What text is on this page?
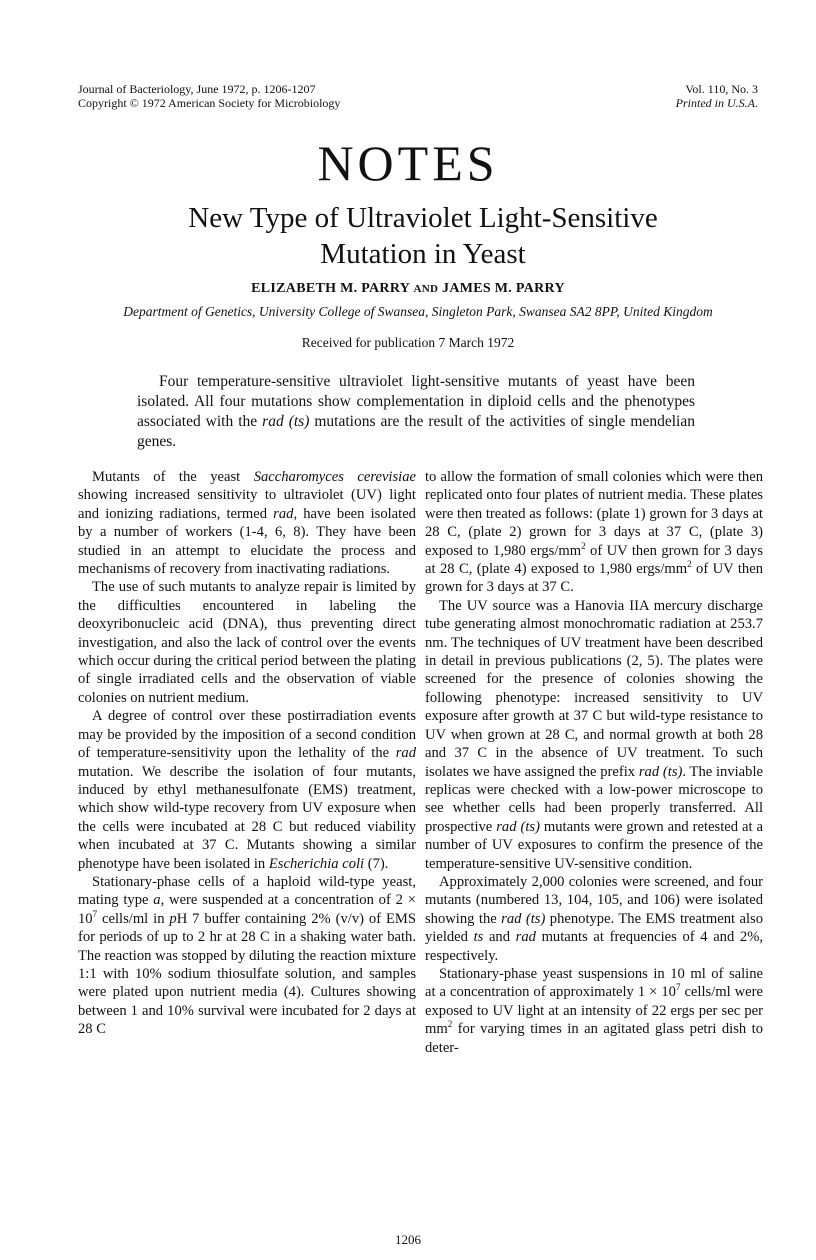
Journal of Bacteriology, June 1972, p. 1206-1207
Copyright © 1972 American Society for Microbiology
Vol. 110, No. 3
Printed in U.S.A.
NOTES
New Type of Ultraviolet Light-Sensitive
Mutation in Yeast
ELIZABETH M. PARRY AND JAMES M. PARRY
Department of Genetics, University College of Swansea, Singleton Park, Swansea SA2 8PP, United Kingdom
Received for publication 7 March 1972

Four temperature-sensitive ultraviolet light-sensitive mutants of yeast have been isolated. All four mutations show complementation in diploid cells and the phenotypes associated with the rad (ts) mutations are the result of the activities of single mendelian genes.

Mutants of the yeast Saccharomyces cerevisiae showing increased sensitivity to ultraviolet (UV) light and ionizing radiations, termed rad, have been isolated by a number of workers (1-4, 6, 8). They have been studied in an attempt to elucidate the process and mechanisms of recovery from inactivating radiations.

The use of such mutants to analyze repair is limited by the difficulties encountered in labeling the deoxyribonucleic acid (DNA), thus preventing direct investigation, and also the lack of control over the events which occur during the critical period between the plating of single irradiated cells and the observation of viable colonies on nutrient medium.

A degree of control over these postirradiation events may be provided by the imposition of a second condition of temperature-sensitivity upon the lethality of the rad mutation. We describe the isolation of four mutants, induced by ethyl methanesulfonate (EMS) treatment, which show wild-type recovery from UV exposure when the cells were incubated at 28 C but reduced viability when incubated at 37 C. Mutants showing a similar phenotype have been isolated in Escherichia coli (7).

Stationary-phase cells of a haploid wild-type yeast, mating type a, were suspended at a concentration of $2 \times 10^7$ cells/ml in pH 7 buffer containing 2% (v/v) of EMS for periods of up to 2 hr at 28 C in a shaking water bath. The reaction was stopped by diluting the reaction mixture 1:1 with 10% sodium thiosulfate solution, and samples were plated upon nutrient media (4). Cultures showing between 1 and 10% survival were incubated for 2 days at 28 C

to allow the formation of small colonies which were then replicated onto four plates of nutrient media. These plates were then treated as follows: (plate 1) grown for 3 days at 28 C, (plate 2) grown for 3 days at 37 C, (plate 3) exposed to 1,980 ergs/$mm^2$ of UV then grown for 3 days at 28 C, (plate 4) exposed to 1,980 ergs/$mm^2$ of UV then grown for 3 days at 37 C.

The UV source was a Hanovia IIA mercury discharge tube generating almost monochromatic radiation at 253.7 nm. The techniques of UV treatment have been described in detail in previous publications (2, 5). The plates were screened for the presence of colonies showing the following phenotype: increased sensitivity to UV exposure after growth at 37 C but wild-type resistance to UV when grown at 28 C, and normal growth at both 28 and 37 C in the absence of UV treatment. To such isolates we have assigned the prefix rad (ts). The inviable replicas were checked with a low-power microscope to see whether cells had been properly transferred. All prospective rad (ts) mutants were grown and retested at a number of UV exposures to confirm the presence of the temperature-sensitive UV-sensitive condition.

Approximately 2,000 colonies were screened, and four mutants (numbered 13, 104, 105, and 106) were isolated showing the rad (ts) phenotype. The EMS treatment also yielded ts and rad mutants at frequencies of 4 and 2%, respectively.

Stationary-phase yeast suspensions in 10 ml of saline at a concentration of approximately $1 \times 10^7$ cells/ml were exposed to UV light at an intensity of 22 ergs per sec per $mm^2$ for varying times in an agitated glass petri dish to deter-

1206
